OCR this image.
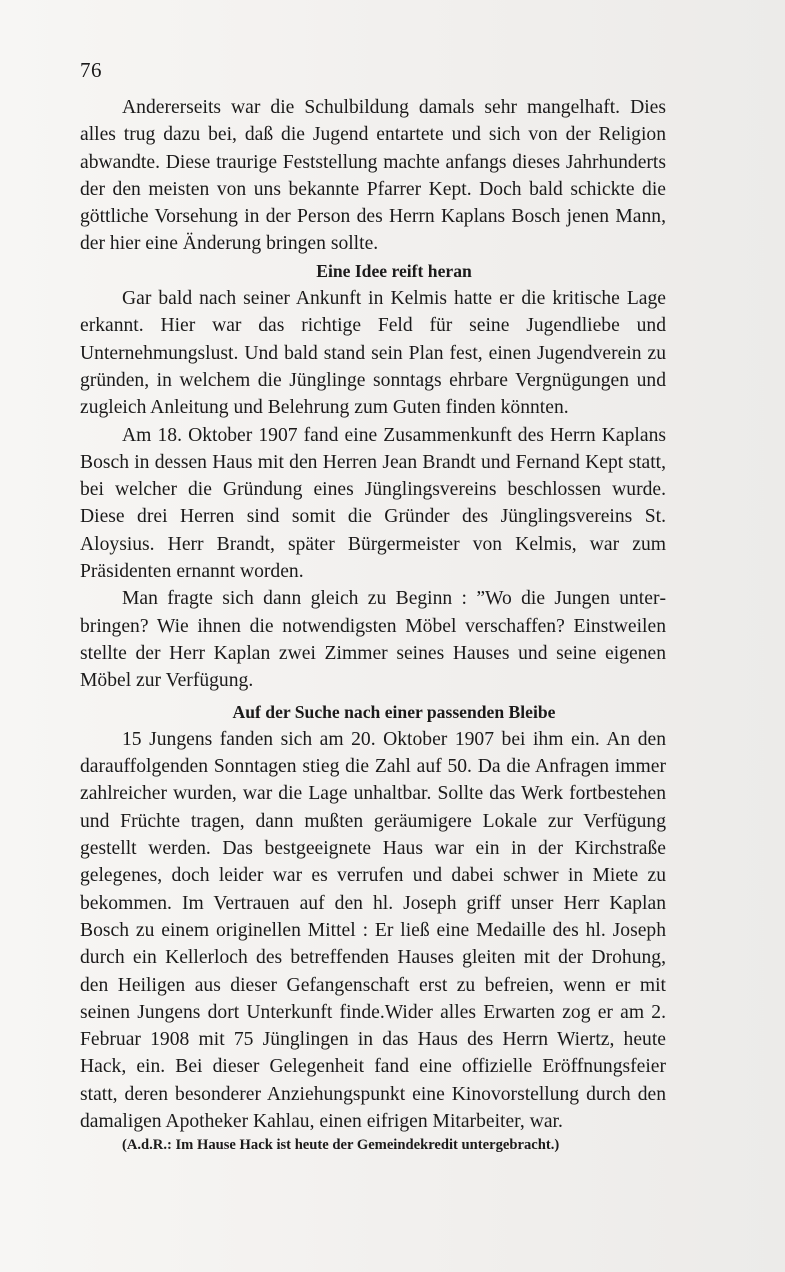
76

Andererseits war die Schulbildung damals sehr mangelhaft. Dies alles trug dazu bei, daß die Jugend entartete und sich von der Religion abwandte. Diese traurige Feststellung machte anfangs dieses Jahrhunderts der den meisten von uns bekannte Pfarrer Kept. Doch bald schickte die göttliche Vorsehung in der Person des Herrn Kaplans Bosch jenen Mann, der hier eine Änderung bringen sollte.

Eine Idee reift heran

Gar bald nach seiner Ankunft in Kelmis hatte er die kritische Lage erkannt. Hier war das richtige Feld für seine Jugendliebe und Unternehmungslust. Und bald stand sein Plan fest, einen Jugendverein zu gründen, in welchem die Jünglinge sonntags ehrbare Vergnügungen und zugleich Anleitung und Belehrung zum Guten finden könnten.

Am 18. Oktober 1907 fand eine Zusammenkunft des Herrn Kaplans Bosch in dessen Haus mit den Herren Jean Brandt und Fernand Kept statt, bei welcher die Gründung eines Jünglingsvereins beschlossen wurde. Diese drei Herren sind somit die Gründer des Jünglingsvereins St. Aloysius. Herr Brandt, später Bürgermeister von Kelmis, war zum Präsidenten ernannt worden.

Man fragte sich dann gleich zu Beginn : ”Wo die Jungen unterbringen? Wie ihnen die notwendigsten Möbel verschaffen? Einstweilen stellte der Herr Kaplan zwei Zimmer seines Hauses und seine eigenen Möbel zur Verfügung.

Auf der Suche nach einer passenden Bleibe

15 Jungens fanden sich am 20. Oktober 1907 bei ihm ein. An den darauffolgenden Sonntagen stieg die Zahl auf 50. Da die Anfragen immer zahlreicher wurden, war die Lage unhaltbar. Sollte das Werk fortbestehen und Früchte tragen, dann mußten geräumigere Lokale zur Verfügung gestellt werden. Das bestgeeignete Haus war ein in der Kirchstraße gelegenes, doch leider war es verrufen und dabei schwer in Miete zu bekommen. Im Vertrauen auf den hl. Joseph griff unser Herr Kaplan Bosch zu einem originellen Mittel : Er ließ eine Medaille des hl. Joseph durch ein Kellerloch des betreffenden Hauses gleiten mit der Drohung, den Heiligen aus dieser Gefangenschaft erst zu befreien, wenn er mit seinen Jungens dort Unterkunft finde.Wider alles Erwarten zog er am 2. Februar 1908 mit 75 Jünglingen in das Haus des Herrn Wiertz, heute Hack, ein. Bei dieser Gelegenheit fand eine offizielle Eröffnungsfeier statt, deren besonderer Anziehungspunkt eine Kinovorstellung durch den damaligen Apotheker Kahlau, einen eifrigen Mitarbeiter, war.

(A.d.R.: Im Hause Hack ist heute der Gemeindekredit untergebracht.)
